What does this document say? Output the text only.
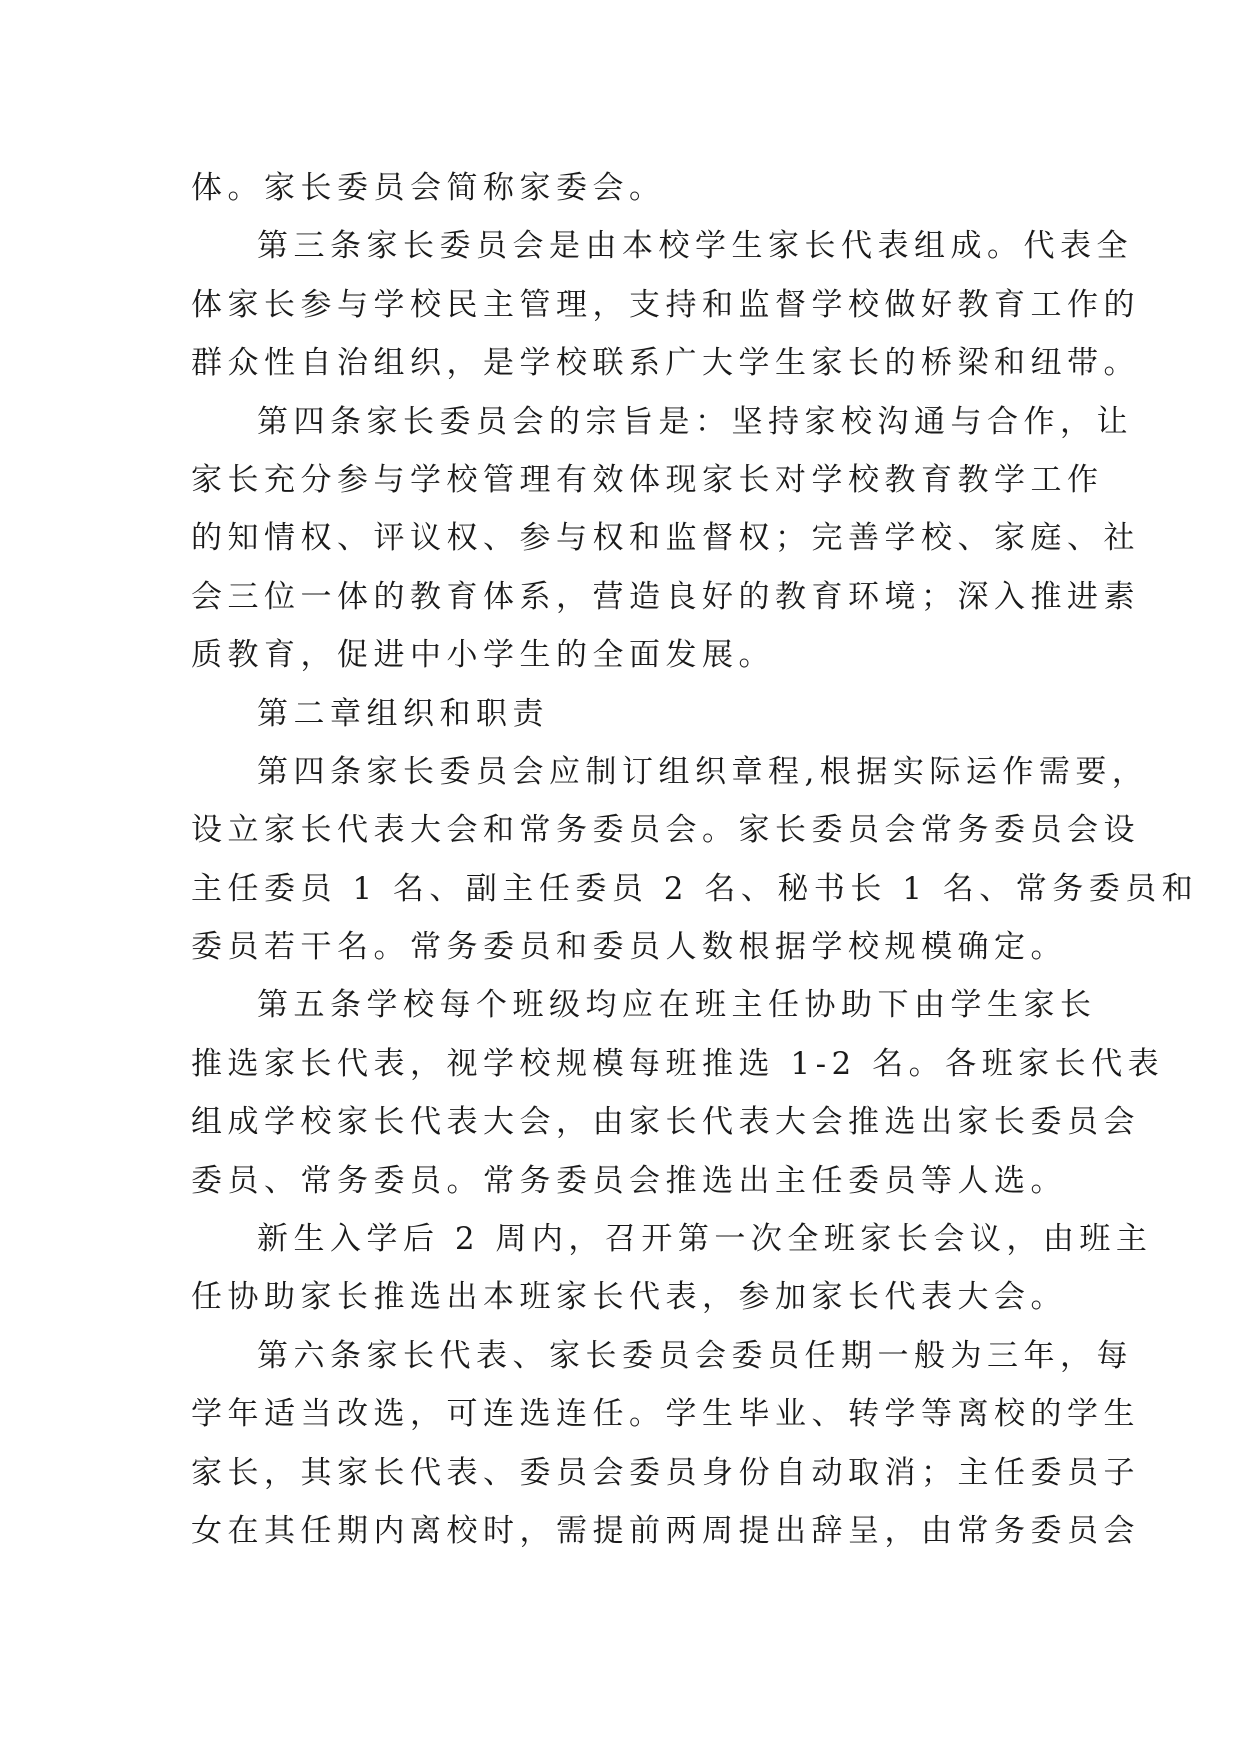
体。家长委员会简称家委会。
第三条家长委员会是由本校学生家长代表组成。代表全
体家长参与学校民主管理，支持和监督学校做好教育工作的
群众性自治组织，是学校联系广大学生家长的桥梁和纽带。
第四条家长委员会的宗旨是：坚持家校沟通与合作，让
家长充分参与学校管理有效体现家长对学校教育教学工作
的知情权、评议权、参与权和监督权；完善学校、家庭、社
会三位一体的教育体系，营造良好的教育环境；深入推进素
质教育，促进中小学生的全面发展。
第二章组织和职责
第四条家长委员会应制订组织章程,根据实际运作需要，
设立家长代表大会和常务委员会。家长委员会常务委员会设
主任委员 1 名、副主任委员 2 名、秘书长 1 名、常务委员和
委员若干名。常务委员和委员人数根据学校规模确定。
第五条学校每个班级均应在班主任协助下由学生家长
推选家长代表，视学校规模每班推选 1-2 名。各班家长代表
组成学校家长代表大会，由家长代表大会推选出家长委员会
委员、常务委员。常务委员会推选出主任委员等人选。
新生入学后 2 周内，召开第一次全班家长会议，由班主
任协助家长推选出本班家长代表，参加家长代表大会。
第六条家长代表、家长委员会委员任期一般为三年，每
学年适当改选，可连选连任。学生毕业、转学等离校的学生
家长，其家长代表、委员会委员身份自动取消；主任委员子
女在其任期内离校时，需提前两周提出辞呈，由常务委员会
